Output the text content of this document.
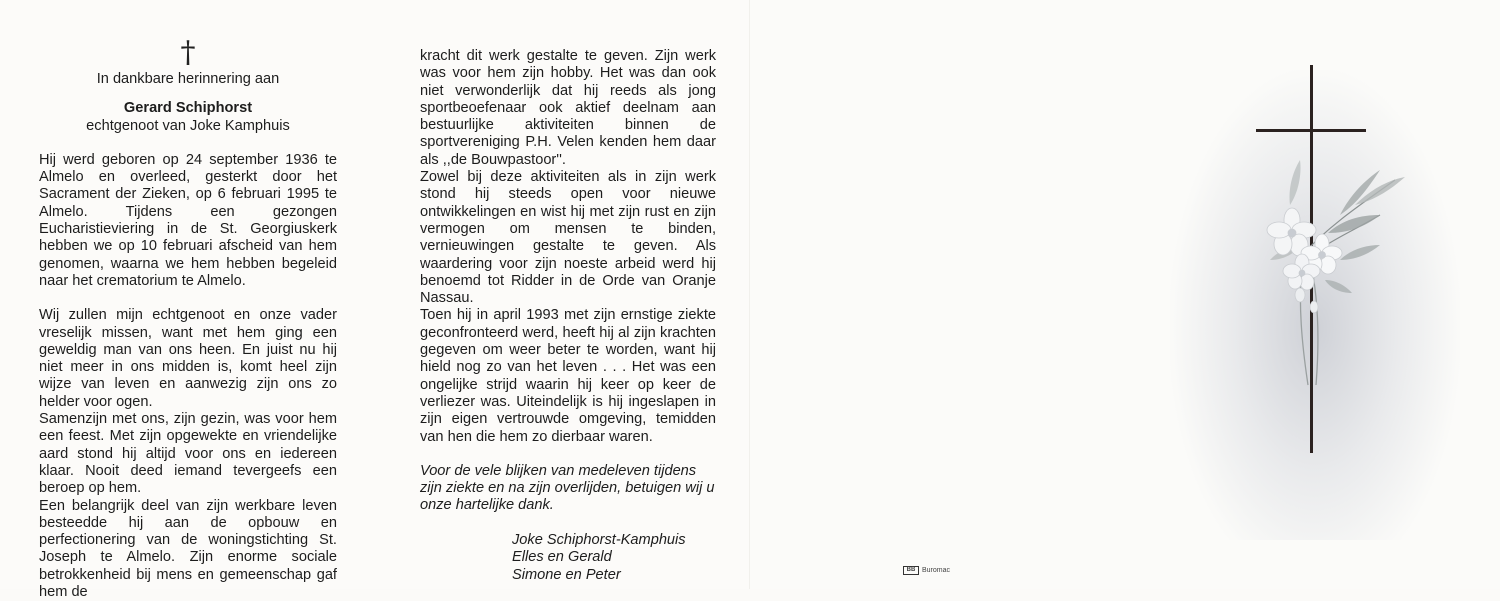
†

In dankbare herinnering aan

Gerard Schiphorst

echtgenoot van Joke Kamphuis

Hij werd geboren op 24 september 1936 te Almelo en overleed, gesterkt door het Sacrament der Zieken, op 6 februari 1995 te Almelo. Tijdens een gezongen Eucharistieviering in de St. Georgiuskerk hebben we op 10 februari afscheid van hem genomen, waarna we hem hebben begeleid naar het crematorium te Almelo.

Wij zullen mijn echtgenoot en onze vader vreselijk missen, want met hem ging een geweldig man van ons heen. En juist nu hij niet meer in ons midden is, komt heel zijn wijze van leven en aanwezig zijn ons zo helder voor ogen.

Samenzijn met ons, zijn gezin, was voor hem een feest. Met zijn opgewekte en vriendelijke aard stond hij altijd voor ons en iedereen klaar. Nooit deed iemand tevergeefs een beroep op hem.

Een belangrijk deel van zijn werkbare leven besteedde hij aan de opbouw en perfectionering van de woningstichting St. Joseph te Almelo. Zijn enorme sociale betrokkenheid bij mens en gemeenschap gaf hem de

kracht dit werk gestalte te geven. Zijn werk was voor hem zijn hobby. Het was dan ook niet verwonderlijk dat hij reeds als jong sportbeoefenaar ook aktief deelnam aan bestuurlijke aktiviteiten binnen de sportvereniging P.H. Velen kenden hem daar als ,,de Bouwpastoor''.

Zowel bij deze aktiviteiten als in zijn werk stond hij steeds open voor nieuwe ontwikkelingen en wist hij met zijn rust en zijn vermogen om mensen te binden, vernieuwingen gestalte te geven. Als waardering voor zijn noeste arbeid werd hij benoemd tot Ridder in de Orde van Oranje Nassau.

Toen hij in april 1993 met zijn ernstige ziekte geconfronteerd werd, heeft hij al zijn krachten gegeven om weer beter te worden, want hij hield nog zo van het leven . . . Het was een ongelijke strijd waarin hij keer op keer de verliezer was. Uiteindelijk is hij ingeslapen in zijn eigen vertrouwde omgeving, temidden van hen die hem zo dierbaar waren.

Voor de vele blijken van medeleven tijdens zijn ziekte en na zijn overlijden, betuigen wij u onze hartelijke dank.

Joke Schiphorst-Kamphuis

Elles en Gerald

Simone en Peter	BB Buromac
